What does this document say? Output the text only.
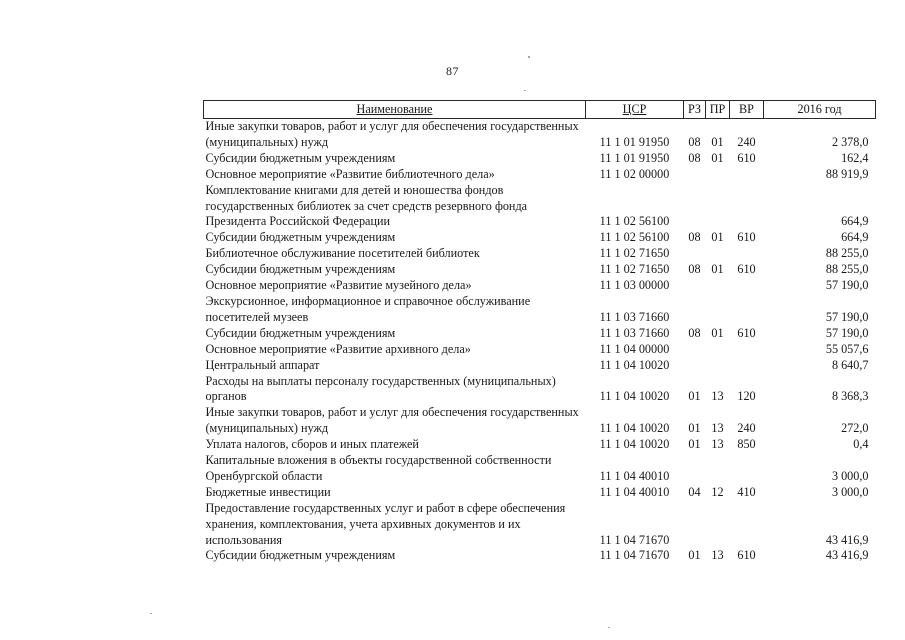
87
Наименование	ЦСР	РЗ	ПР	ВР	2016 год
Иные закупки товаров, работ и услуг для обеспечения государственных (муниципальных) нужд	11 1 01 91950	08	01	240	2 378,0
Субсидии бюджетным учреждениям	11 1 01 91950	08	01	610	162,4
Основное мероприятие «Развитие библиотечного дела»	11 1 02 00000				88 919,9
Комплектование книгами для детей и юношества фондов государственных библиотек за счет средств резервного фонда Президента Российской Федерации	11 1 02 56100				664,9
Субсидии бюджетным учреждениям	11 1 02 56100	08	01	610	664,9
Библиотечное обслуживание посетителей библиотек	11 1 02 71650				88 255,0
Субсидии бюджетным учреждениям	11 1 02 71650	08	01	610	88 255,0
Основное мероприятие «Развитие музейного дела»	11 1 03 00000				57 190,0
Экскурсионное, информационное и справочное обслуживание посетителей музеев	11 1 03 71660				57 190,0
Субсидии бюджетным учреждениям	11 1 03 71660	08	01	610	57 190,0
Основное мероприятие «Развитие архивного дела»	11 1 04 00000				55 057,6
Центральный аппарат	11 1 04 10020				8 640,7
Расходы на выплаты персоналу государственных (муниципальных) органов	11 1 04 10020	01	13	120	8 368,3
Иные закупки товаров, работ и услуг для обеспечения государственных (муниципальных) нужд	11 1 04 10020	01	13	240	272,0
Уплата налогов, сборов и иных платежей	11 1 04 10020	01	13	850	0,4
Капитальные вложения в объекты государственной собственности Оренбургской области	11 1 04 40010				3 000,0
Бюджетные инвестиции	11 1 04 40010	04	12	410	3 000,0
Предоставление государственных услуг и работ в сфере обеспечения хранения, комплектования, учета архивных документов и их использования	11 1 04 71670				43 416,9
Субсидии бюджетным учреждениям	11 1 04 71670	01	13	610	43 416,9
